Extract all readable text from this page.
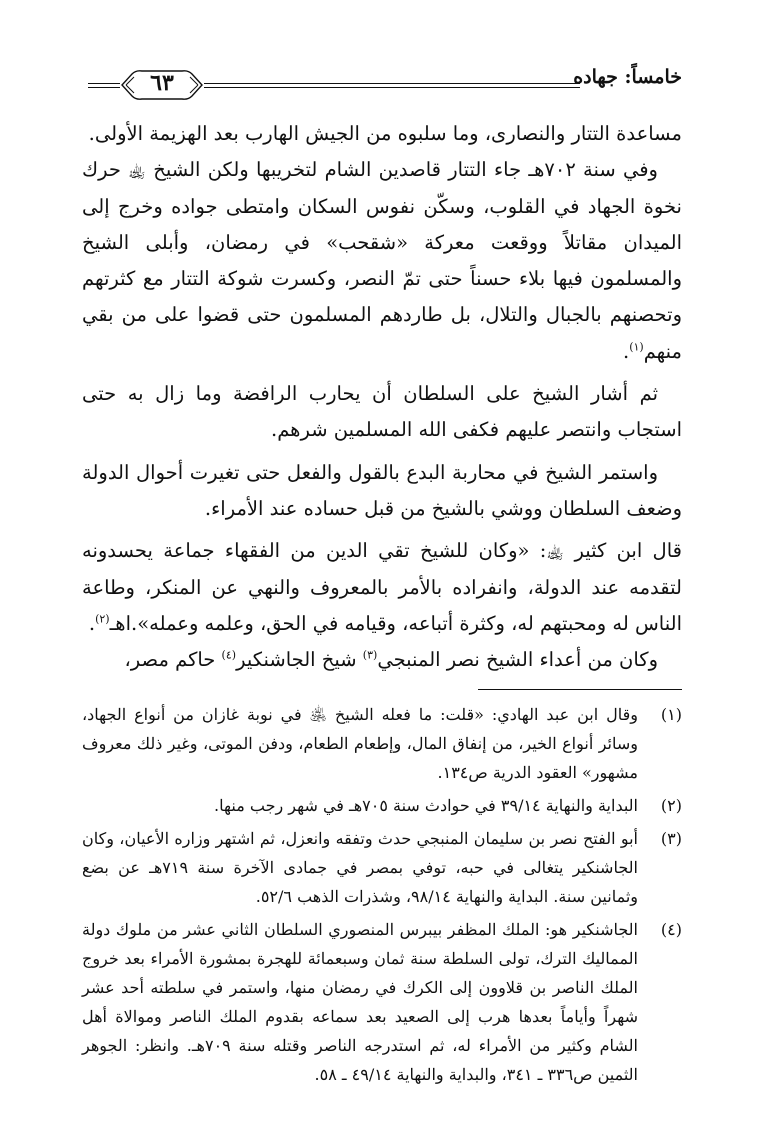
خامساً: جهاده
٦٣

مساعدة التتار والنصارى، وما سلبوه من الجيش الهارب بعد الهزيمة الأولى.

وفي سنة ٧٠٢هـ جاء التتار قاصدين الشام لتخريبها ولكن الشيخ ﵀ حرك نخوة الجهاد في القلوب، وسكّن نفوس السكان وامتطى جواده وخرج إلى الميدان مقاتلاً ووقعت معركة «شقحب» في رمضان، وأبلى الشيخ والمسلمون فيها بلاء حسناً حتى تمّ النصر، وكسرت شوكة التتار مع كثرتهم وتحصنهم بالجبال والتلال، بل طاردهم المسلمون حتى قضوا على من بقي منهم$^{(١)}$.

ثم أشار الشيخ على السلطان أن يحارب الرافضة وما زال به حتى استجاب وانتصر عليهم فكفى الله المسلمين شرهم.

واستمر الشيخ في محاربة البدع بالقول والفعل حتى تغيرت أحوال الدولة وضعف السلطان ووشي بالشيخ من قبل حساده عند الأمراء.

قال ابن كثير ﵀: «وكان للشيخ تقي الدين من الفقهاء جماعة يحسدونه لتقدمه عند الدولة، وانفراده بالأمر بالمعروف والنهي عن المنكر، وطاعة الناس له ومحبتهم له، وكثرة أتباعه، وقيامه في الحق، وعلمه وعمله».اهـ$^{(٢)}$.

وكان من أعداء الشيخ نصر المنبجي$^{(٣)}$ شيخ الجاشنكير$^{(٤)}$ حاكم مصر،

(١)
وقال ابن عبد الهادي: «قلت: ما فعله الشيخ ﵁ في نوبة غازان من أنواع الجهاد، وسائر أنواع الخير، من إنفاق المال، وإطعام الطعام، ودفن الموتى، وغير ذلك معروف مشهور» العقود الدرية ص١٣٤.
(٢)
البداية والنهاية ٣٩/١٤ في حوادث سنة ٧٠٥هـ في شهر رجب منها.
(٣)
أبو الفتح نصر بن سليمان المنبجي حدث وتفقه وانعزل، ثم اشتهر وزاره الأعيان، وكان الجاشنكير يتغالى في حبه، توفي بمصر في جمادى الآخرة سنة ٧١٩هـ عن بضع وثمانين سنة. البداية والنهاية ٩٨/١٤، وشذرات الذهب ٥٢/٦.
(٤)
الجاشنكير هو: الملك المظفر بيبرس المنصوري السلطان الثاني عشر من ملوك دولة المماليك الترك، تولى السلطة سنة ثمان وسبعمائة للهجرة بمشورة الأمراء بعد خروج الملك الناصر بن قلاوون إلى الكرك في رمضان منها، واستمر في سلطته أحد عشر شهراً وأياماً بعدها هرب إلى الصعيد بعد سماعه بقدوم الملك الناصر وموالاة أهل الشام وكثير من الأمراء له، ثم استدرجه الناصر وقتله سنة ٧٠٩هـ. وانظر: الجوهر الثمين ص٣٣٦ ـ ٣٤١، والبداية والنهاية ٤٩/١٤ ـ ٥٨.
